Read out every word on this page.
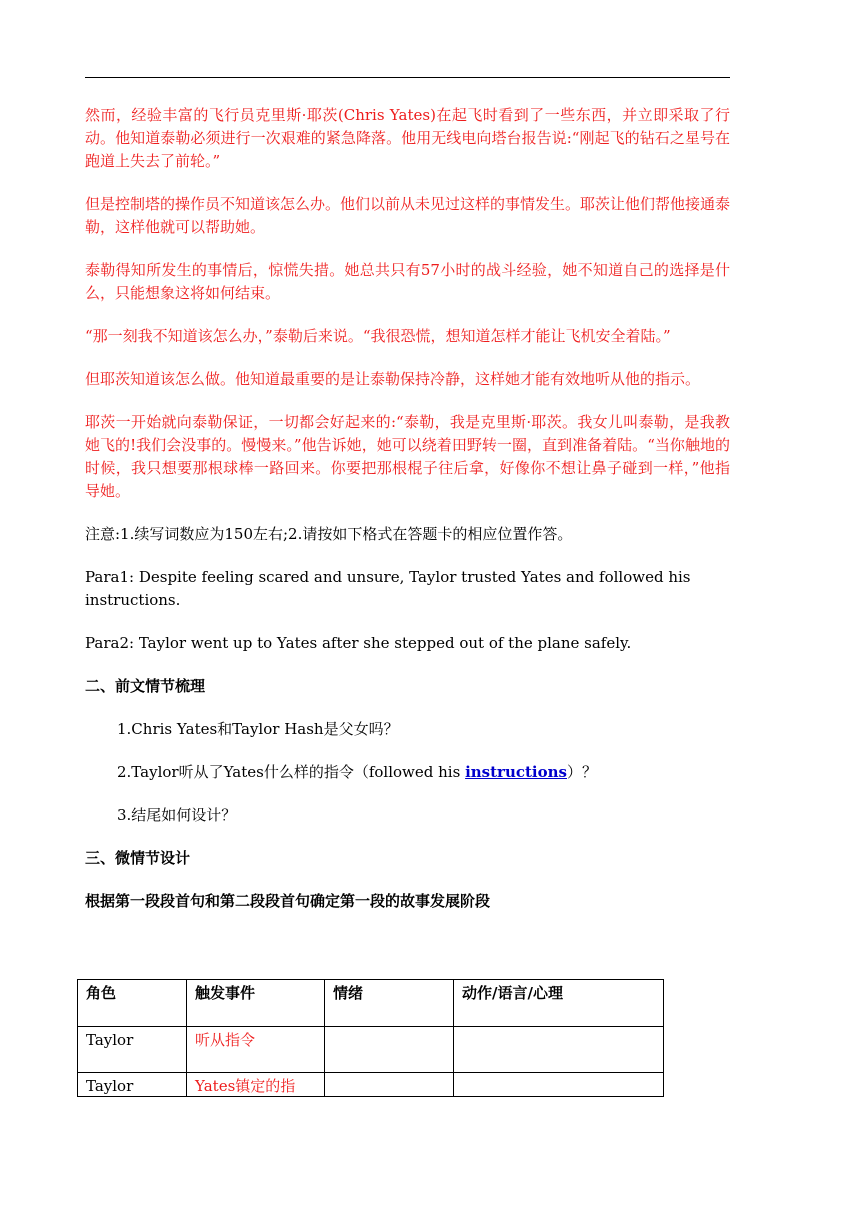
然而，经验丰富的飞行员克里斯·耶茨(Chris Yates)在起飞时看到了一些东西，并立即采取了行动。他知道泰勒必须进行一次艰难的紧急降落。他用无线电向塔台报告说:“刚起飞的钻石之星号在跑道上失去了前轮。”

但是控制塔的操作员不知道该怎么办。他们以前从未见过这样的事情发生。耶茨让他们帮他接通泰勒，这样他就可以帮助她。

泰勒得知所发生的事情后，惊慌失措。她总共只有57小时的战斗经验，她不知道自己的选择是什么，只能想象这将如何结束。

“那一刻我不知道该怎么办，”泰勒后来说。“我很恐慌，想知道怎样才能让飞机安全着陆。”

但耶茨知道该怎么做。他知道最重要的是让泰勒保持冷静，这样她才能有效地听从他的指示。

耶茨一开始就向泰勒保证，一切都会好起来的:“泰勒，我是克里斯·耶茨。我女儿叫泰勒，是我教她飞的!我们会没事的。慢慢来。”他告诉她，她可以绕着田野转一圈，直到准备着陆。“当你触地的时候，我只想要那根球棒一路回来。你要把那根棍子往后拿，好像你不想让鼻子碰到一样，”他指导她。

注意:1.续写词数应为150左右;2.请按如下格式在答题卡的相应位置作答。

Para1: Despite feeling scared and unsure, Taylor trusted Yates and followed his instructions.

Para2: Taylor went up to Yates after she stepped out of the plane safely.

二、前文情节梳理

1.Chris Yates和Taylor Hash是父女吗？

2.Taylor听从了Yates什么样的指令（followed his instructions）？

3.结尾如何设计？

三、微情节设计

根据第一段段首句和第二段段首句确定第一段的故事发展阶段

角色	触发事件	情绪	动作/语言/心理
Taylor	听从指令		
Taylor	Yates镇定的指		
